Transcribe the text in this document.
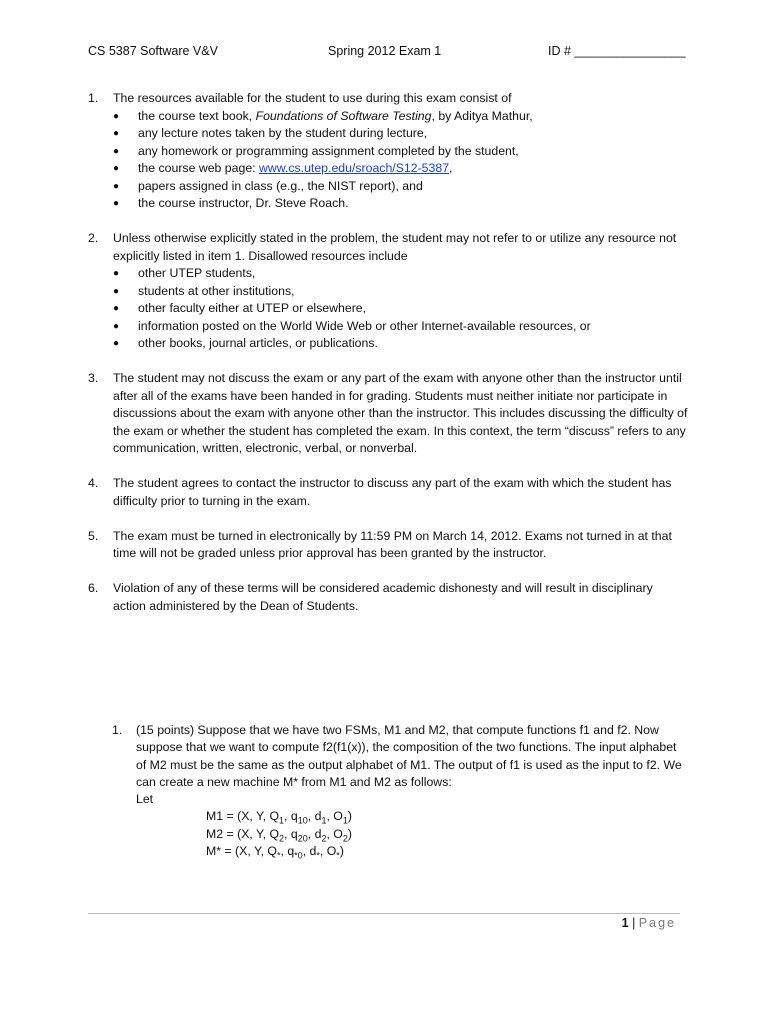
CS 5387 Software V&V	Spring 2012 Exam 1	ID # ________________
1. The resources available for the student to use during this exam consist of
● the course text book, Foundations of Software Testing, by Aditya Mathur,
● any lecture notes taken by the student during lecture,
● any homework or programming assignment completed by the student,
● the course web page: www.cs.utep.edu/sroach/S12-5387,
● papers assigned in class (e.g., the NIST report), and
● the course instructor, Dr. Steve Roach.
2. Unless otherwise explicitly stated in the problem, the student may not refer to or utilize any resource not explicitly listed in item 1. Disallowed resources include
● other UTEP students,
● students at other institutions,
● other faculty either at UTEP or elsewhere,
● information posted on the World Wide Web or other Internet-available resources, or
● other books, journal articles, or publications.
3. The student may not discuss the exam or any part of the exam with anyone other than the instructor until after all of the exams have been handed in for grading. Students must neither initiate nor participate in discussions about the exam with anyone other than the instructor. This includes discussing the difficulty of the exam or whether the student has completed the exam. In this context, the term “discuss” refers to any communication, written, electronic, verbal, or nonverbal.
4. The student agrees to contact the instructor to discuss any part of the exam with which the student has difficulty prior to turning in the exam.
5. The exam must be turned in electronically by 11:59 PM on March 14, 2012. Exams not turned in at that time will not be graded unless prior approval has been granted by the instructor.
6. Violation of any of these terms will be considered academic dishonesty and will result in disciplinary action administered by the Dean of Students.
1. (15 points) Suppose that we have two FSMs, M1 and M2, that compute functions f1 and f2. Now suppose that we want to compute f2(f1(x)), the composition of the two functions. The input alphabet of M2 must be the same as the output alphabet of M1. The output of f1 is used as the input to f2. We can create a new machine M* from M1 and M2 as follows:
Let
M1 = (X, Y, $Q_1$, $q_{10}$, $d_1$, $O_1$)
M2 = (X, Y, $Q_2$, $q_{20}$, $d_2$, $O_2$)
M* = (X, Y, $Q_*$, $q_{*0}$, $d_*$, $O_*$)
1 | Page
